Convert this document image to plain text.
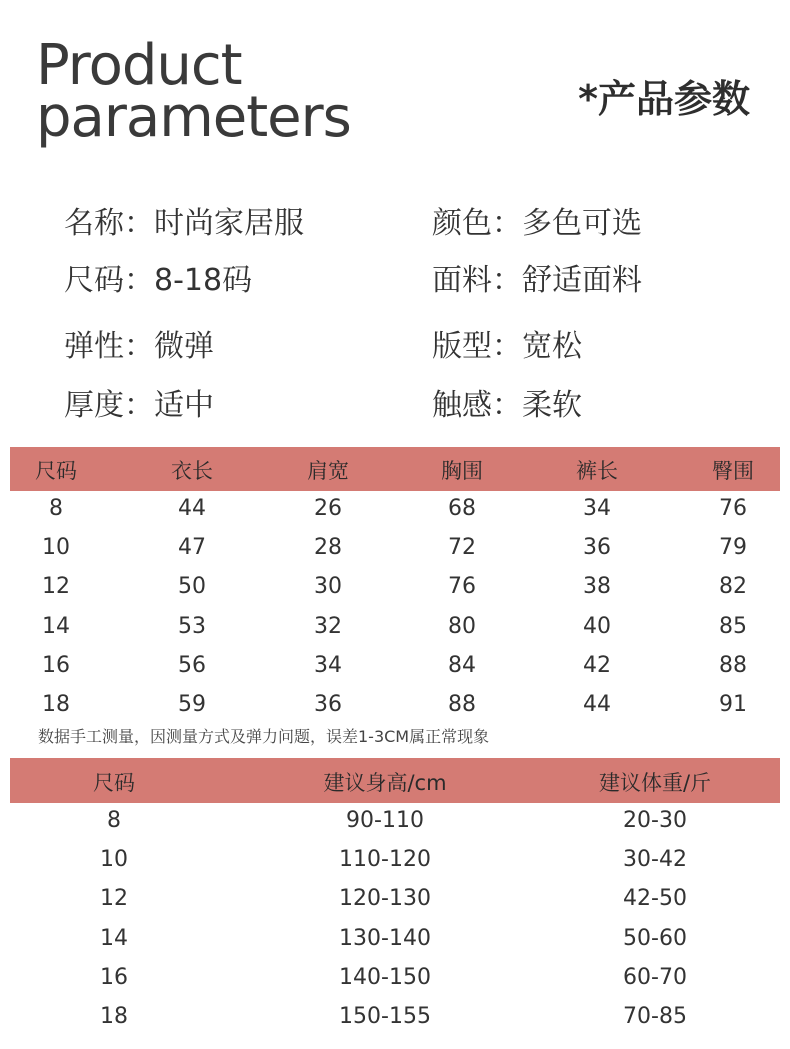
Product
parameters	*产品参数
名称：时尚家居服	颜色：多色可选
尺码：8-18码	面料：舒适面料
弹性：微弹	版型：宽松
厚度：适中	触感：柔软
尺码	衣长	肩宽	胸围	裤长	臀围
8	44	26	68	34	76
10	47	28	72	36	79
12	50	30	76	38	82
14	53	32	80	40	85
16	56	34	84	42	88
18	59	36	88	44	91
数据手工测量，因测量方式及弹力问题，误差1-3CM属正常现象
尺码	建议身高/cm	建议体重/斤
8	90-110	20-30
10	110-120	30-42
12	120-130	42-50
14	130-140	50-60
16	140-150	60-70
18	150-155	70-85
